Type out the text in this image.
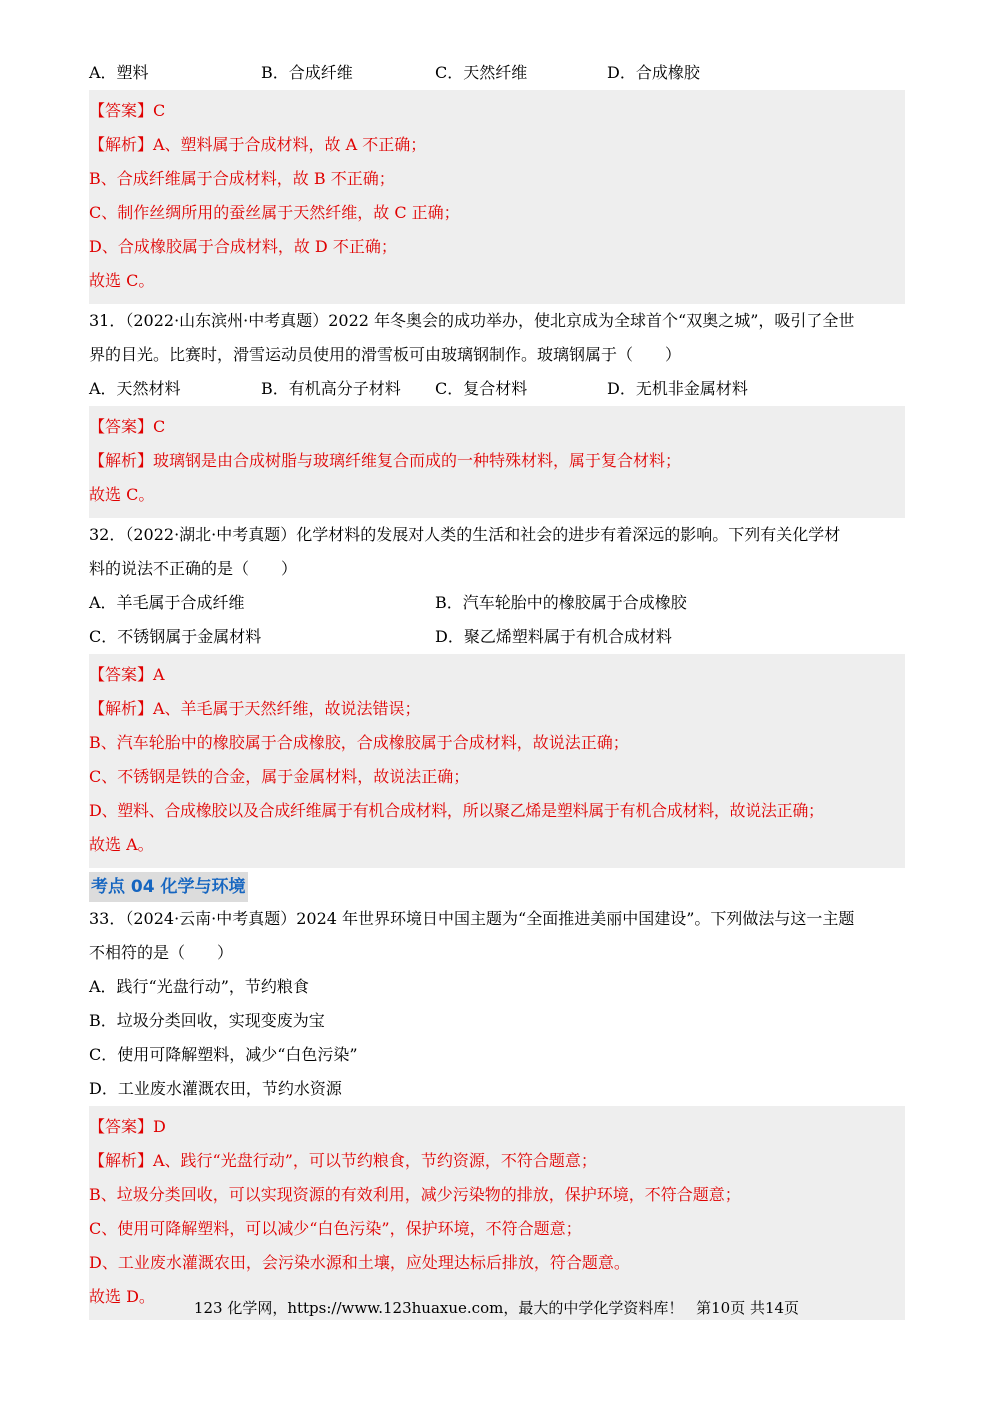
A．塑料	B．合成纤维	C．天然纤维	D．合成橡胶
【答案】C
【解析】A、塑料属于合成材料，故 A 不正确；
B、合成纤维属于合成材料，故 B 不正确；
C、制作丝绸所用的蚕丝属于天然纤维，故 C 正确；
D、合成橡胶属于合成材料，故 D 不正确；
故选 C。
31．（2022·山东滨州·中考真题）2022 年冬奥会的成功举办，使北京成为全球首个“双奥之城”，吸引了全世
界的目光。比赛时，滑雪运动员使用的滑雪板可由玻璃钢制作。玻璃钢属于（　　）
A．天然材料	B．有机高分子材料	C．复合材料	D．无机非金属材料
【答案】C
【解析】玻璃钢是由合成树脂与玻璃纤维复合而成的一种特殊材料，属于复合材料；
故选 C。
32．（2022·湖北·中考真题）化学材料的发展对人类的生活和社会的进步有着深远的影响。下列有关化学材
料的说法不正确的是（　　）
A．羊毛属于合成纤维	B．汽车轮胎中的橡胶属于合成橡胶
C．不锈钢属于金属材料	D．聚乙烯塑料属于有机合成材料
【答案】A
【解析】A、羊毛属于天然纤维，故说法错误；
B、汽车轮胎中的橡胶属于合成橡胶，合成橡胶属于合成材料，故说法正确；
C、不锈钢是铁的合金，属于金属材料，故说法正确；
D、塑料、合成橡胶以及合成纤维属于有机合成材料，所以聚乙烯是塑料属于有机合成材料，故说法正确；
故选 A。
考点 04 化学与环境
33．（2024·云南·中考真题）2024 年世界环境日中国主题为“全面推进美丽中国建设”。下列做法与这一主题
不相符的是（　　）
A．践行“光盘行动”，节约粮食
B．垃圾分类回收，实现变废为宝
C．使用可降解塑料，减少“白色污染”
D．工业废水灌溉农田，节约水资源
【答案】D
【解析】A、践行“光盘行动”，可以节约粮食，节约资源，不符合题意；
B、垃圾分类回收，可以实现资源的有效利用，减少污染物的排放，保护环境，不符合题意；
C、使用可降解塑料，可以减少“白色污染”，保护环境，不符合题意；
D、工业废水灌溉农田，会污染水源和土壤，应处理达标后排放，符合题意。
故选 D。
123 化学网，https://www.123huaxue.com，最大的中学化学资料库！ 第10页 共14页
